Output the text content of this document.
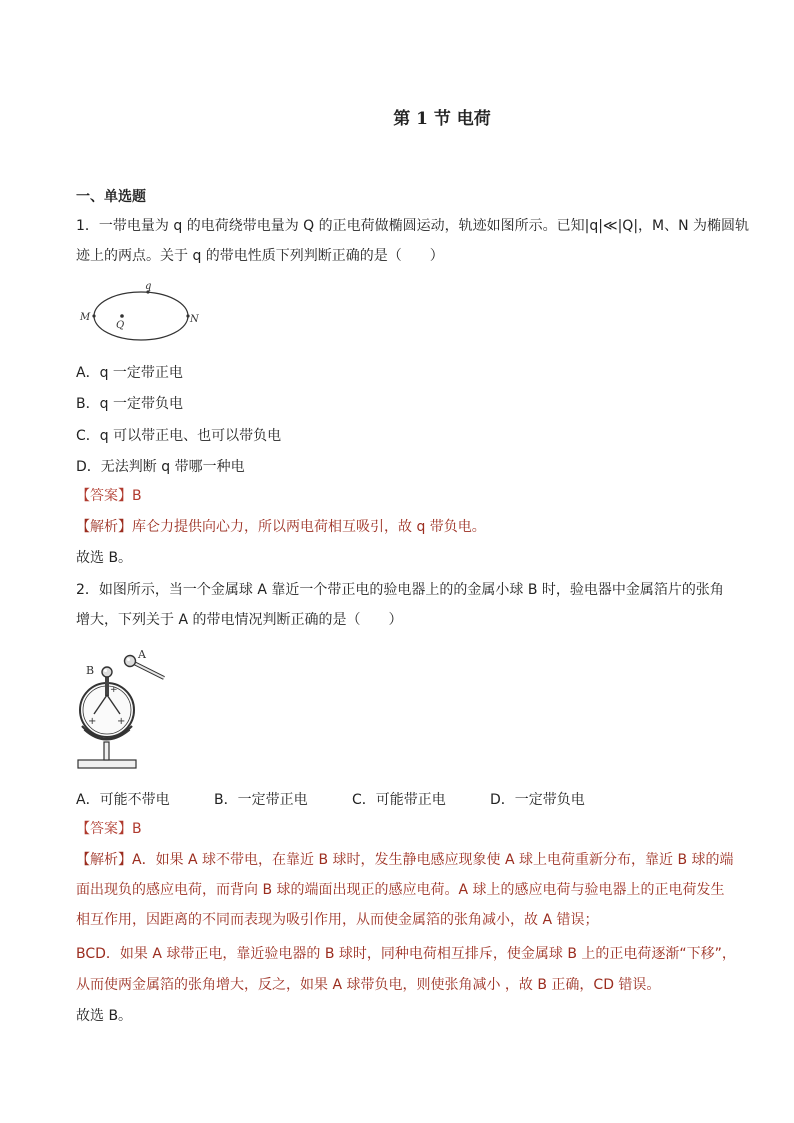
第 1 节 电荷
一、单选题
1．一带电量为 q 的电荷绕带电量为 Q 的正电荷做椭圆运动，轨迹如图所示。已知|q|≪|Q|，M、N 为椭圆轨
迹上的两点。关于 q 的带电性质下列判断正确的是（　　）
q
M	N
Q
A．q 一定带正电
B．q 一定带负电
C．q 可以带正电、也可以带负电
D．无法判断 q 带哪一种电
【答案】B
【解析】库仑力提供向心力，所以两电荷相互吸引，故 q 带负电。
故选 B。
2．如图所示，当一个金属球 A 靠近一个带正电的验电器上的的金属小球 B 时，验电器中金属箔片的张角
增大，下列关于 A 的带电情况判断正确的是（　　）
+ +
+
B
A
A．可能不带电	B．一定带正电	C．可能带正电	D．一定带负电
【答案】B
【解析】A．如果 A 球不带电，在靠近 B 球时，发生静电感应现象使 A 球上电荷重新分布，靠近 B 球的端
面出现负的感应电荷，而背向 B 球的端面出现正的感应电荷。A 球上的感应电荷与验电器上的正电荷发生
相互作用，因距离的不同而表现为吸引作用，从而使金属箔的张角减小，故 A 错误；
BCD．如果 A 球带正电，靠近验电器的 B 球时，同种电荷相互排斥，使金属球 B 上的正电荷逐渐“下移”，
从而使两金属箔的张角增大，反之，如果 A 球带负电，则使张角减小 ，故 B 正确，CD 错误。
故选 B。
